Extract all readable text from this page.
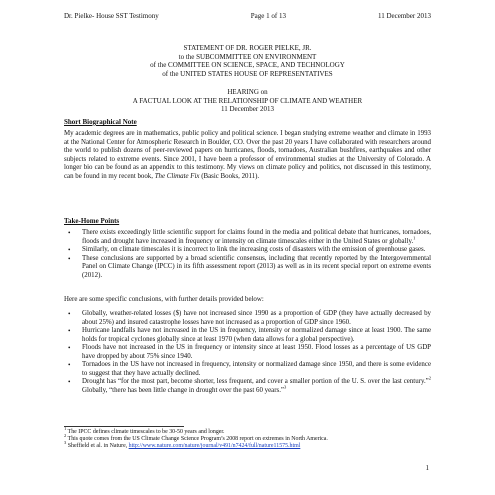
Dr. Pielke- House SST Testimony	Page 1 of 13	11 December 2013
STATEMENT OF DR. ROGER PIELKE, JR.
to the SUBCOMMITTEE ON ENVIRONMENT
of the COMMITTEE ON SCIENCE, SPACE, AND TECHNOLOGY
of the UNITED STATES HOUSE OF REPRESENTATIVES
HEARING on
A FACTUAL LOOK AT THE RELATIONSHIP OF CLIMATE AND WEATHER
11 December 2013

Short Biographical Note

My academic degrees are in mathematics, public policy and political science. I began studying extreme weather and climate in 1993 at the National Center for Atmospheric Research in Boulder, CO. Over the past 20 years I have collaborated with researchers around the world to publish dozens of peer-reviewed papers on hurricanes, floods, tornadoes, Australian bushfires, earthquakes and other subjects related to extreme events. Since 2001, I have been a professor of environmental studies at the University of Colorado. A longer bio can be found as an appendix to this testimony. My views on climate policy and politics, not discussed in this testimony, can be found in my recent book, The Climate Fix (Basic Books, 2011).

Take-Home Points

• There exists exceedingly little scientific support for claims found in the media and political debate that hurricanes, tornadoes, floods and drought have increased in frequency or intensity on climate timescales either in the United States or globally.$^1$
• Similarly, on climate timescales it is incorrect to link the increasing costs of disasters with the emission of greenhouse gases.
• These conclusions are supported by a broad scientific consensus, including that recently reported by the Intergovernmental Panel on Climate Change (IPCC) in its fifth assessment report (2013) as well as in its recent special report on extreme events (2012).

Here are some specific conclusions, with further details provided below:

• Globally, weather-related losses ($) have not increased since 1990 as a proportion of GDP (they have actually decreased by about 25%) and insured catastrophe losses have not increased as a proportion of GDP since 1960.
• Hurricane landfalls have not increased in the US in frequency, intensity or normalized damage since at least 1900. The same holds for tropical cyclones globally since at least 1970 (when data allows for a global perspective).
• Floods have not increased in the US in frequency or intensity since at least 1950. Flood losses as a percentage of US GDP have dropped by about 75% since 1940.
• Tornadoes in the US have not increased in frequency, intensity or normalized damage since 1950, and there is some evidence to suggest that they have actually declined.
• Drought has “for the most part, become shorter, less frequent, and cover a smaller portion of the U. S. over the last century.”$^2$ Globally, “there has been little change in drought over the past 60 years.”$^3$

$^1$ The IPCC defines climate timescales to be 30-50 years and longer.

$^2$ This quote comes from the US Climate Change Science Program’s 2008 report on extremes in North America.

$^3$ Sheffield et al. in Nature, http://www.nature.com/nature/journal/v491/n7424/full/nature11575.html

1
